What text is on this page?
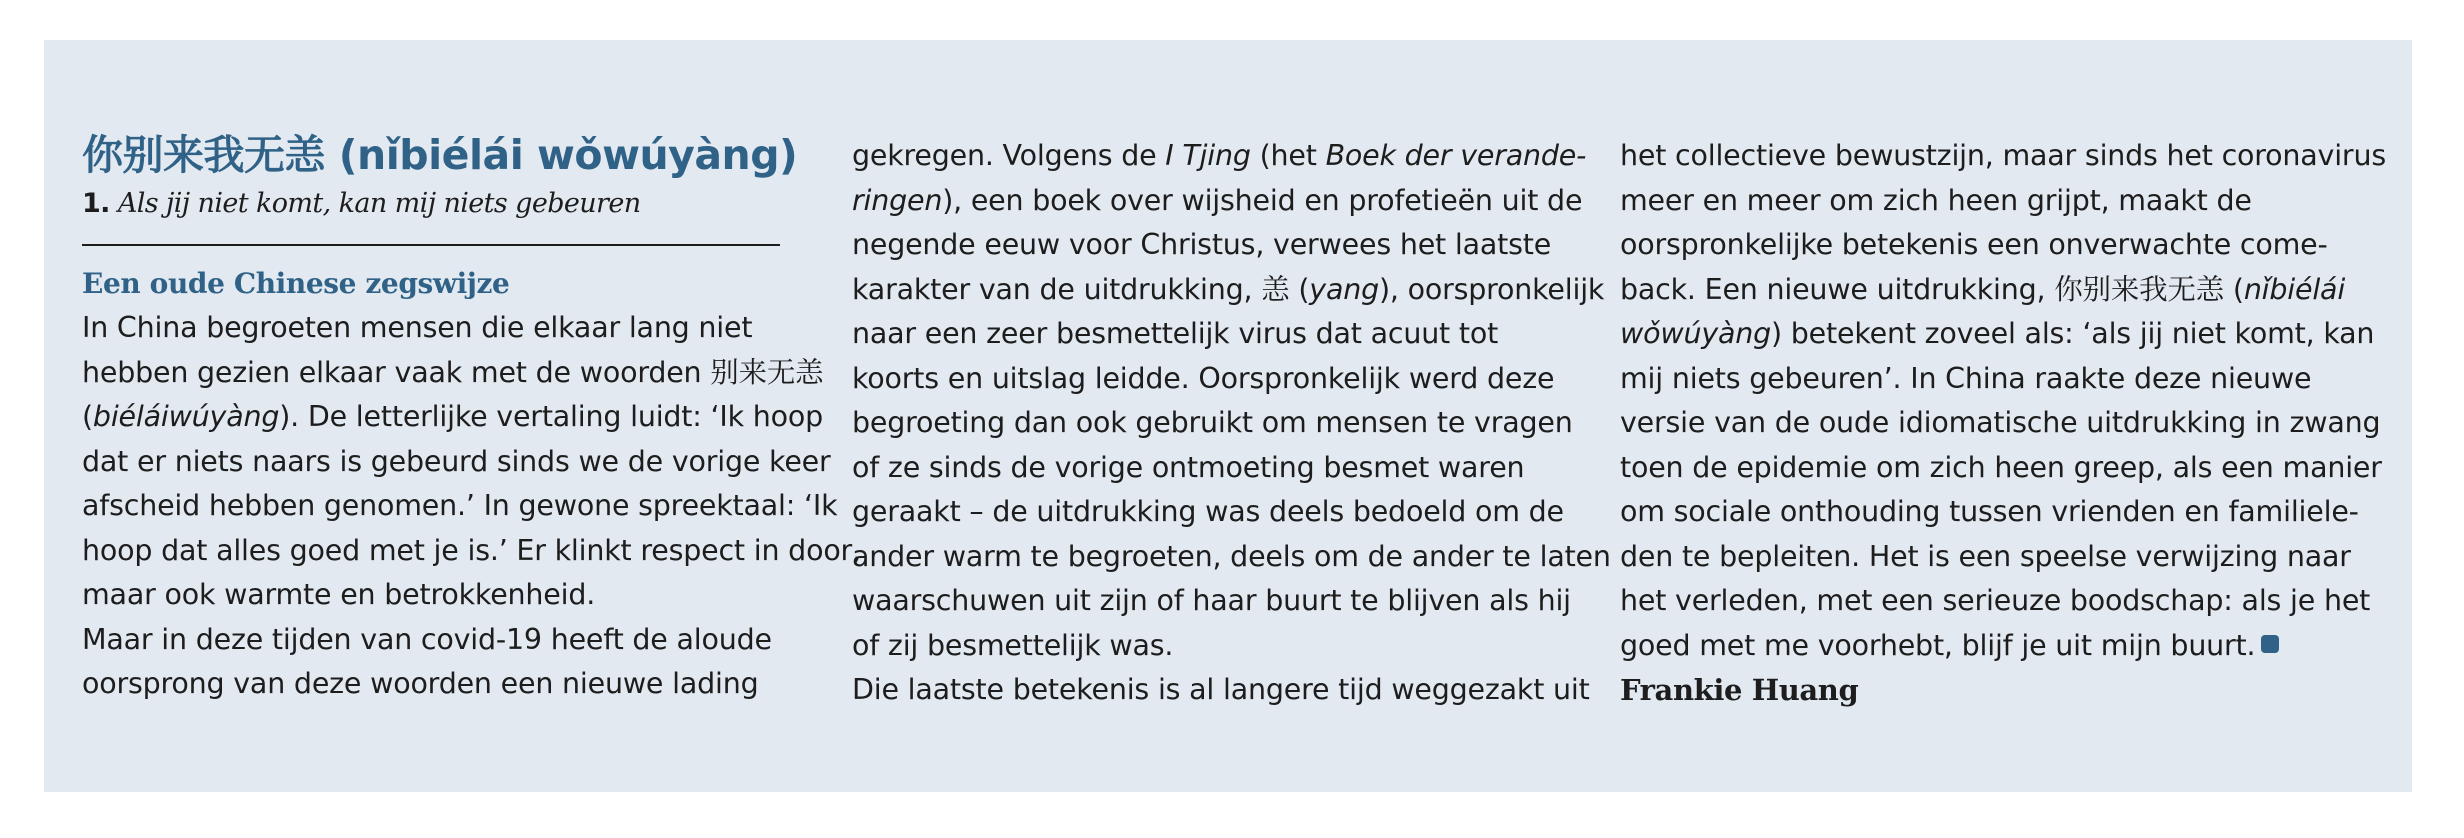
你别来我无恙 (nǐbiélái wǒwúyàng)
1. Als jij niet komt, kan mij niets gebeuren
Een oude Chinese zegswijze
In China begroeten mensen die elkaar lang niet
hebben gezien elkaar vaak met de woorden 别来无恙
(biéláiwúyàng). De letterlijke vertaling luidt: ‘Ik hoop
dat er niets naars is gebeurd sinds we de vorige keer
afscheid hebben genomen.’ In gewone spreektaal: ‘Ik
hoop dat alles goed met je is.’ Er klinkt respect in door,
maar ook warmte en betrokkenheid.
Maar in deze tijden van covid-19 heeft de aloude
oorsprong van deze woorden een nieuwe lading
gekregen. Volgens de I Tjing (het Boek der verande-
ringen), een boek over wijsheid en profetieën uit de
negende eeuw voor Christus, verwees het laatste
karakter van de uitdrukking, 恙 (yang), oorspronkelijk
naar een zeer besmettelijk virus dat acuut tot
koorts en uitslag leidde. Oorspronkelijk werd deze
begroeting dan ook gebruikt om mensen te vragen
of ze sinds de vorige ontmoeting besmet waren
geraakt – de uitdrukking was deels bedoeld om de
ander warm te begroeten, deels om de ander te laten
waarschuwen uit zijn of haar buurt te blijven als hij
of zij besmettelijk was.
Die laatste betekenis is al langere tijd weggezakt uit
het collectieve bewustzijn, maar sinds het coronavirus
meer en meer om zich heen grijpt, maakt de
oorspronkelijke betekenis een onverwachte come-
back. Een nieuwe uitdrukking, 你别来我无恙 (nǐbiélái
wǒwúyàng) betekent zoveel als: ‘als jij niet komt, kan
mij niets gebeuren’. In China raakte deze nieuwe
versie van de oude idiomatische uitdrukking in zwang
toen de epidemie om zich heen greep, als een manier
om sociale onthouding tussen vrienden en familiele-
den te bepleiten. Het is een speelse verwijzing naar
het verleden, met een serieuze boodschap: als je het
goed met me voorhebt, blijf je uit mijn buurt.
Frankie Huang
